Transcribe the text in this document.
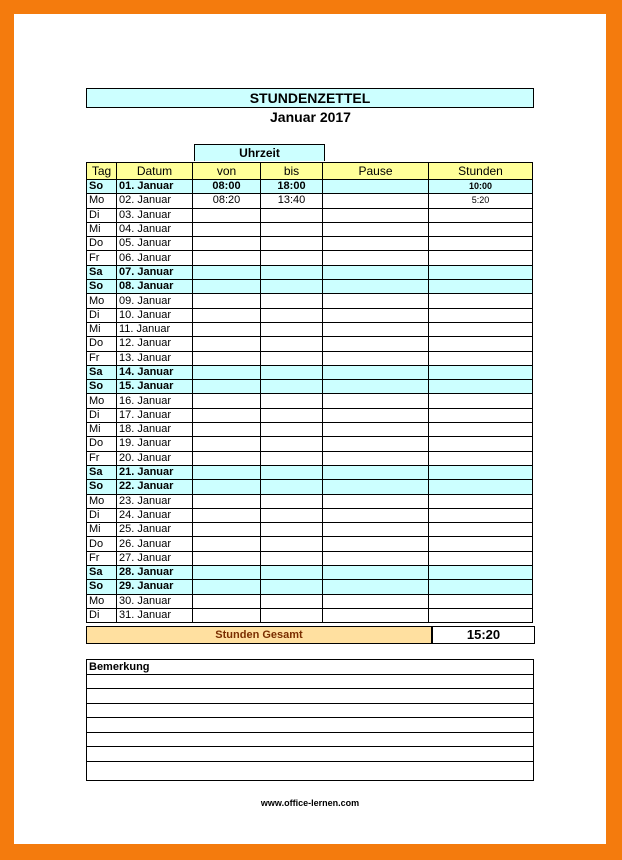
STUNDENZETTEL
Januar 2017
Uhrzeit
Tag	Datum	von	bis	Pause	Stunden
So	01. Januar	08:00	18:00		10:00
Mo	02. Januar	08:20	13:40		5:20
Di	03. Januar				
Mi	04. Januar				
Do	05. Januar				
Fr	06. Januar				
Sa	07. Januar				
So	08. Januar				
Mo	09. Januar				
Di	10. Januar				
Mi	11. Januar				
Do	12. Januar				
Fr	13. Januar				
Sa	14. Januar				
So	15. Januar				
Mo	16. Januar				
Di	17. Januar				
Mi	18. Januar				
Do	19. Januar				
Fr	20. Januar				
Sa	21. Januar				
So	22. Januar				
Mo	23. Januar				
Di	24. Januar				
Mi	25. Januar				
Do	26. Januar				
Fr	27. Januar				
Sa	28. Januar				
So	29. Januar				
Mo	30. Januar				
Di	31. Januar				
Stunden Gesamt	15:20
Bemerkung
www.office-lernen.com
